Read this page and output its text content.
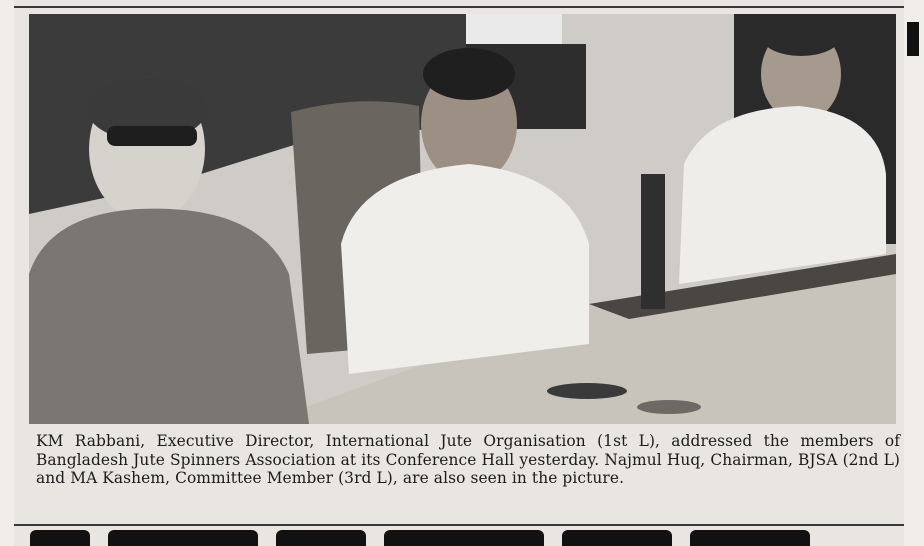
KM Rabbani, Executive Director, International Jute Organisation (1st L), addressed the members of Bangladesh Jute Spinners Association at its Conference Hall yesterday. Najmul Huq, Chairman, BJSA (2nd L) and MA Kashem, Committee Member (3rd L), are also seen in the picture.
